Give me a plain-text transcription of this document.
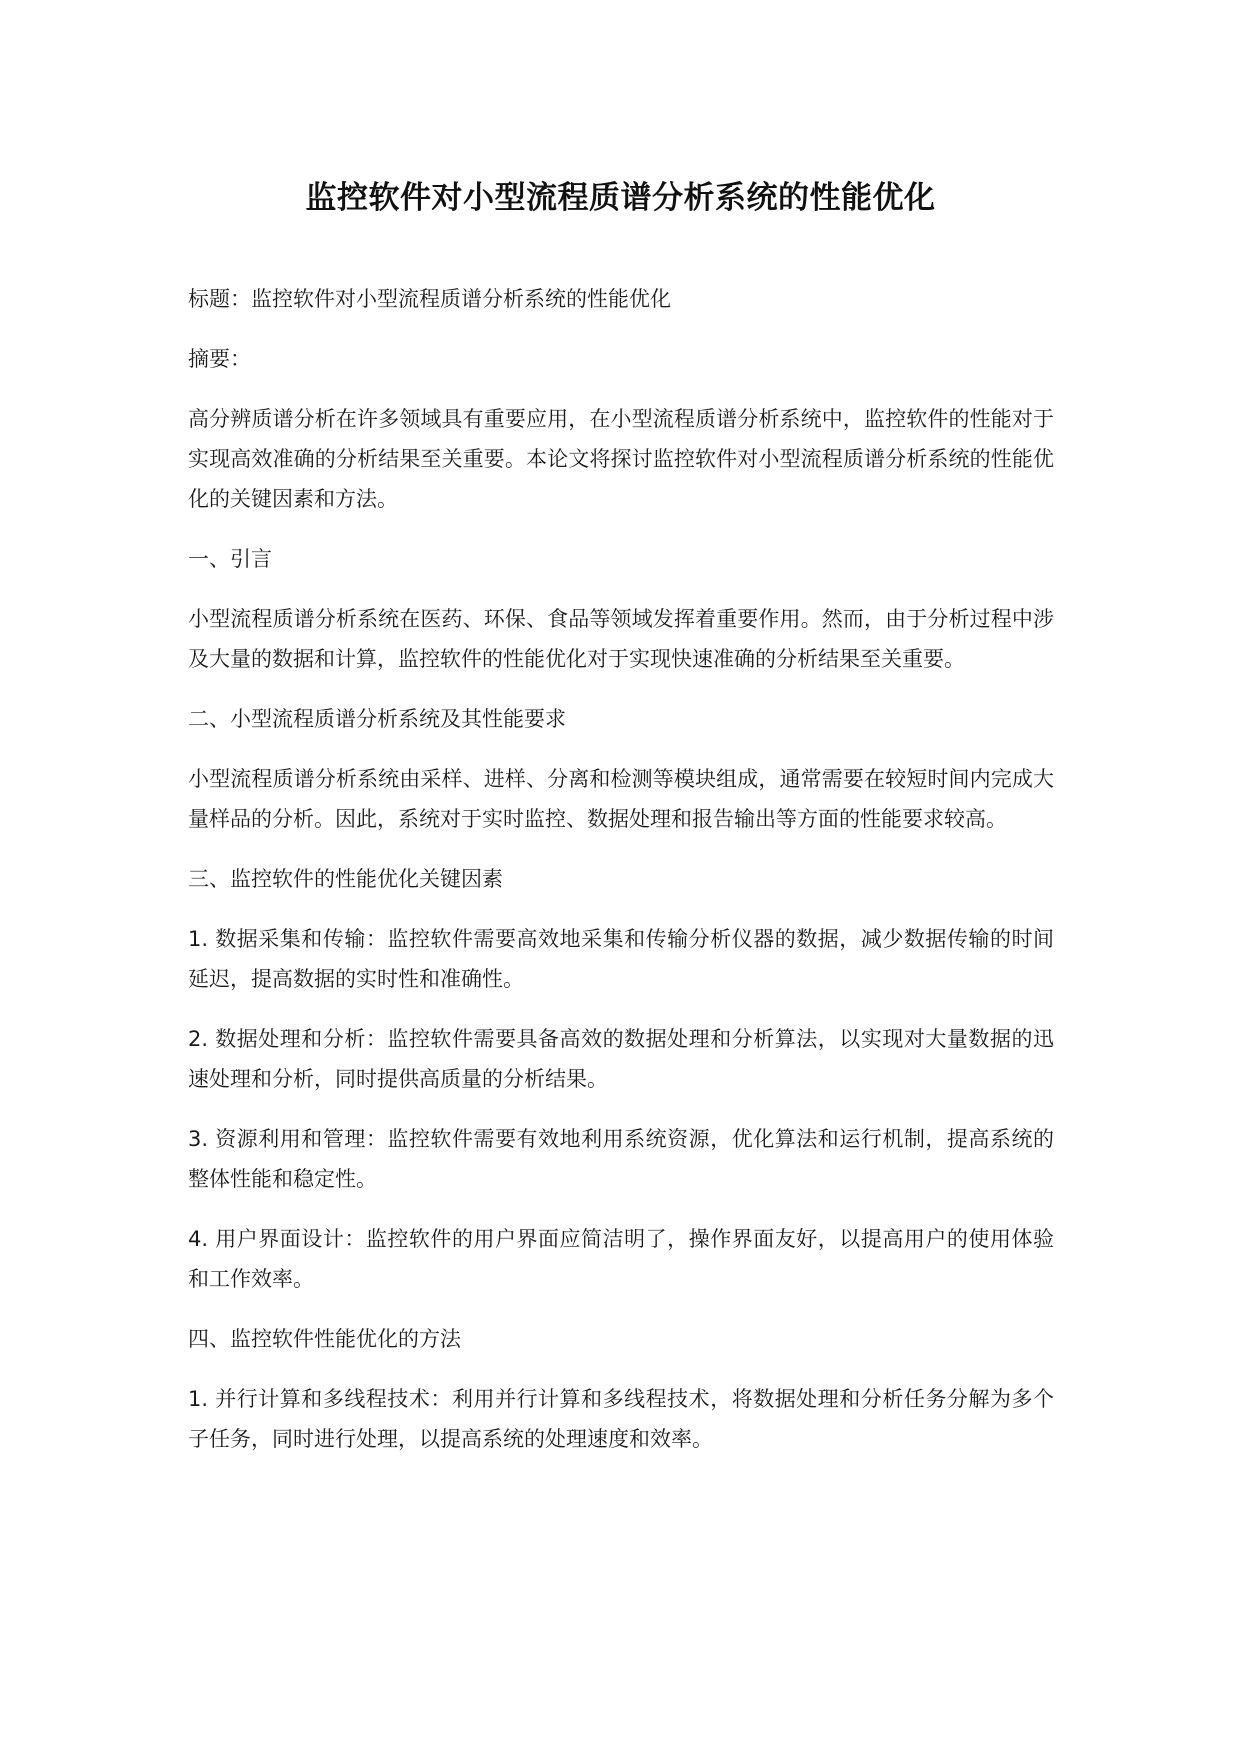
监控软件对小型流程质谱分析系统的性能优化

标题：监控软件对小型流程质谱分析系统的性能优化

摘要：

高分辨质谱分析在许多领域具有重要应用，在小型流程质谱分析系统中，监控软件的性能对于实现高效准确的分析结果至关重要。本论文将探讨监控软件对小型流程质谱分析系统的性能优化的关键因素和方法。

一、引言

小型流程质谱分析系统在医药、环保、食品等领域发挥着重要作用。然而，由于分析过程中涉及大量的数据和计算，监控软件的性能优化对于实现快速准确的分析结果至关重要。

二、小型流程质谱分析系统及其性能要求

小型流程质谱分析系统由采样、进样、分离和检测等模块组成，通常需要在较短时间内完成大量样品的分析。因此，系统对于实时监控、数据处理和报告输出等方面的性能要求较高。

三、监控软件的性能优化关键因素

1. 数据采集和传输：监控软件需要高效地采集和传输分析仪器的数据，减少数据传输的时间延迟，提高数据的实时性和准确性。

2. 数据处理和分析：监控软件需要具备高效的数据处理和分析算法，以实现对大量数据的迅速处理和分析，同时提供高质量的分析结果。

3. 资源利用和管理：监控软件需要有效地利用系统资源，优化算法和运行机制，提高系统的整体性能和稳定性。

4. 用户界面设计：监控软件的用户界面应简洁明了，操作界面友好，以提高用户的使用体验和工作效率。

四、监控软件性能优化的方法

1. 并行计算和多线程技术：利用并行计算和多线程技术，将数据处理和分析任务分解为多个子任务，同时进行处理，以提高系统的处理速度和效率。
